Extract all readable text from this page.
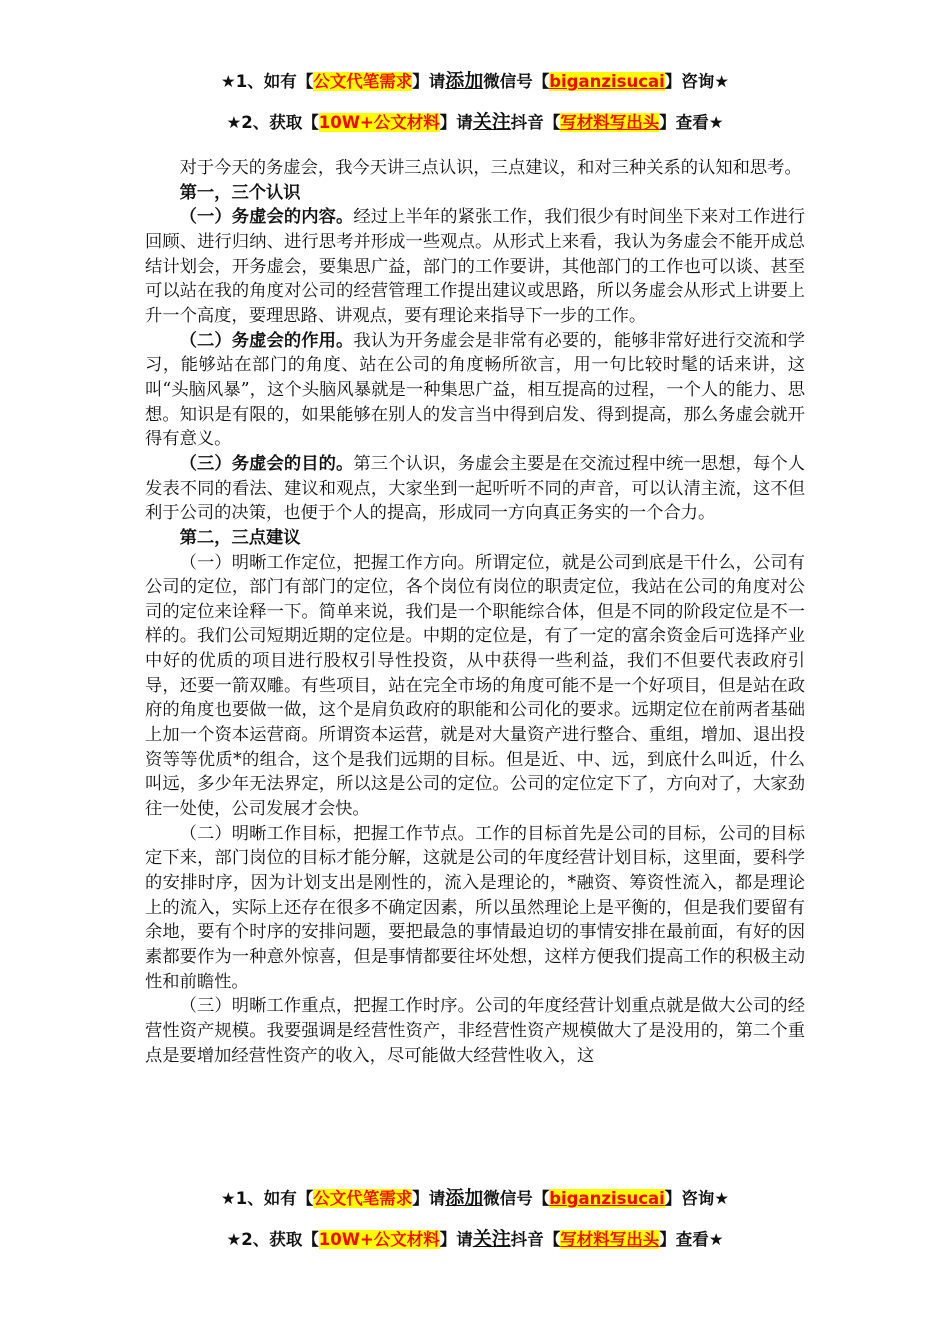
★1、如有【公文代笔需求】请添加微信号【biganzisucai】咨询★
★2、获取【10W+公文材料】请关注抖音【写材料写出头】查看★

对于今天的务虚会，我今天讲三点认识，三点建议，和对三种关系的认知和思考。

第一，三个认识

（一）务虚会的内容。经过上半年的紧张工作，我们很少有时间坐下来对工作进行回顾、进行归纳、进行思考并形成一些观点。从形式上来看，我认为务虚会不能开成总结计划会，开务虚会，要集思广益，部门的工作要讲，其他部门的工作也可以谈、甚至可以站在我的角度对公司的经营管理工作提出建议或思路，所以务虚会从形式上讲要上升一个高度，要理思路、讲观点，要有理论来指导下一步的工作。

（二）务虚会的作用。我认为开务虚会是非常有必要的，能够非常好进行交流和学习，能够站在部门的角度、站在公司的角度畅所欲言，用一句比较时髦的话来讲，这叫“头脑风暴”，这个头脑风暴就是一种集思广益，相互提高的过程，一个人的能力、思想。知识是有限的，如果能够在别人的发言当中得到启发、得到提高，那么务虚会就开得有意义。

（三）务虚会的目的。第三个认识，务虚会主要是在交流过程中统一思想，每个人发表不同的看法、建议和观点，大家坐到一起听听不同的声音，可以认清主流，这不但利于公司的决策，也便于个人的提高，形成同一方向真正务实的一个合力。

第二，三点建议

（一）明晰工作定位，把握工作方向。所谓定位，就是公司到底是干什么，公司有公司的定位，部门有部门的定位，各个岗位有岗位的职责定位，我站在公司的角度对公司的定位来诠释一下。简单来说，我们是一个职能综合体，但是不同的阶段定位是不一样的。我们公司短期近期的定位是。中期的定位是，有了一定的富余资金后可选择产业中好的优质的项目进行股权引导性投资，从中获得一些利益，我们不但要代表政府引导，还要一箭双雕。有些项目，站在完全市场的角度可能不是一个好项目，但是站在政府的角度也要做一做，这个是肩负政府的职能和公司化的要求。远期定位在前两者基础上加一个资本运营商。所谓资本运营，就是对大量资产进行整合、重组，增加、退出投资等等优质*的组合，这个是我们远期的目标。但是近、中、远，到底什么叫近，什么叫远，多少年无法界定，所以这是公司的定位。公司的定位定下了，方向对了，大家劲往一处使，公司发展才会快。

（二）明晰工作目标，把握工作节点。工作的目标首先是公司的目标，公司的目标定下来，部门岗位的目标才能分解，这就是公司的年度经营计划目标，这里面，要科学的安排时序，因为计划支出是刚性的，流入是理论的，*融资、筹资性流入，都是理论上的流入，实际上还存在很多不确定因素，所以虽然理论上是平衡的，但是我们要留有余地，要有个时序的安排问题，要把最急的事情最迫切的事情安排在最前面，有好的因素都要作为一种意外惊喜，但是事情都要往坏处想，这样方便我们提高工作的积极主动性和前瞻性。

（三）明晰工作重点，把握工作时序。公司的年度经营计划重点就是做大公司的经营性资产规模。我要强调是经营性资产，非经营性资产规模做大了是没用的，第二个重点是要增加经营性资产的收入，尽可能做大经营性收入，这

★1、如有【公文代笔需求】请添加微信号【biganzisucai】咨询★
★2、获取【10W+公文材料】请关注抖音【写材料写出头】查看★
